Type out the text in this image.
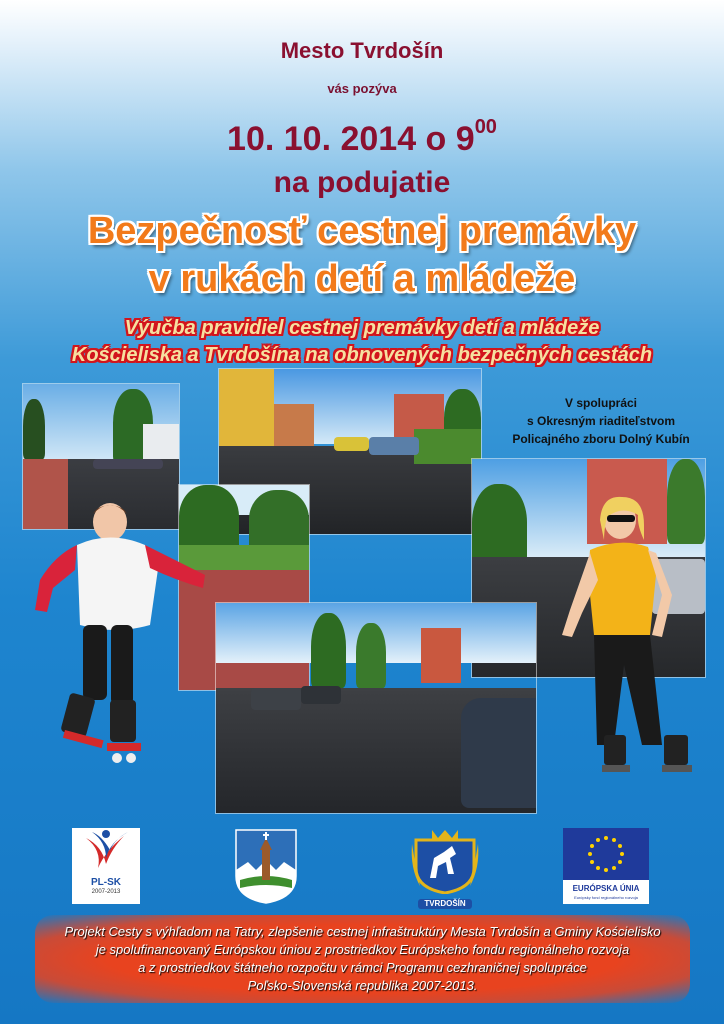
Mesto Tvrdošín
vás pozýva
10. 10. 2014 o $9^{00}$
na podujatie
Bezpečnosť cestnej premávky
v rukách detí a mládeže
Výučba pravidiel cestnej premávky detí a mládeže
Kościeliska a Tvrdošína na obnovených bezpečných cestách
V spolupráci
s Okresným riaditeľstvom
Policajného zboru Dolný Kubín
PL-SK
2007-2013
TVRDOŠÍN
EURÓPSKA ÚNIA
Európsky fond regionálneho rozvoja

Projekt Cesty s výhľadom na Tatry, zlepšenie cestnej infraštruktúry Mesta Tvrdošín a Gminy Kościelisko

je spolufinancovaný Európskou úniou z prostriedkov Európskeho fondu regionálneho rozvoja

a z prostriedkov štátneho rozpočtu v rámci Programu cezhraničnej spolupráce

Poľsko-Slovenská republika 2007-2013.
